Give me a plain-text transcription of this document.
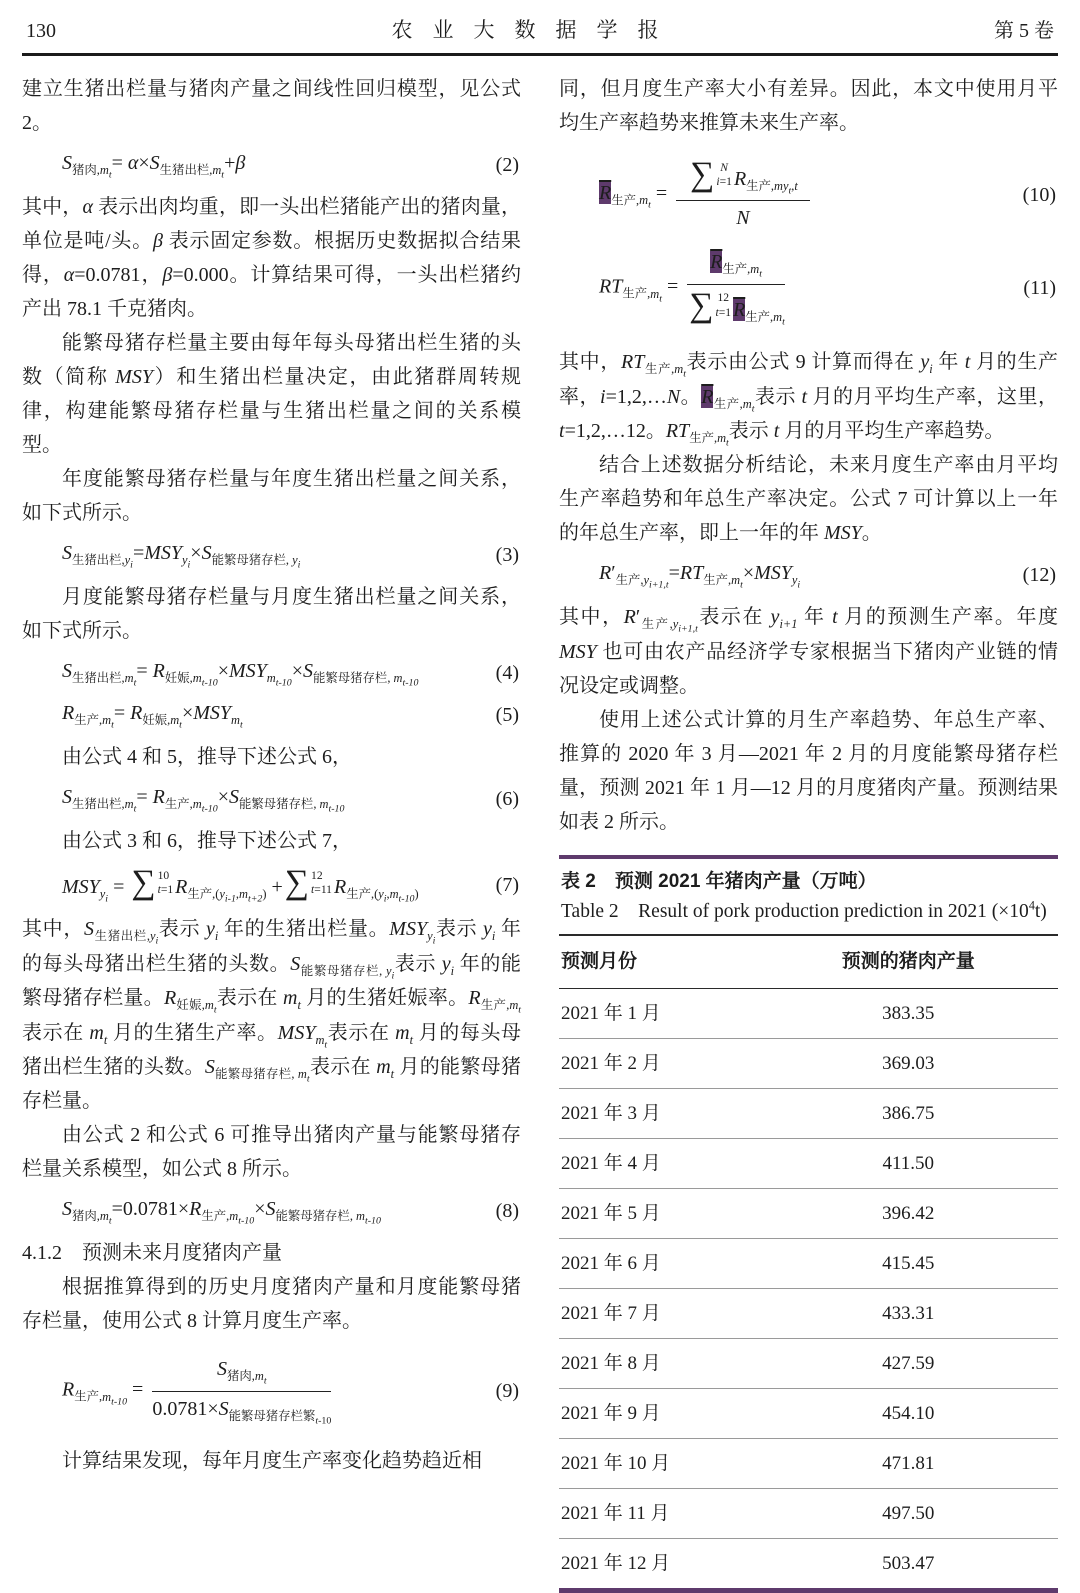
130	农业大数据学报	第 5 卷

建立生猪出栏量与猪肉产量之间线性回归模型，见公式 2。

$S_{猪肉,m_t}= \alpha\times S_{生猪出栏,m_t}+\beta$	(2)

其中，α 表示出肉均重，即一头出栏猪能产出的猪肉量，单位是吨/头。β 表示固定参数。根据历史数据拟合结果得，α=0.0781，β=0.000。计算结果可得，一头出栏猪约产出 78.1 千克猪肉。

能繁母猪存栏量主要由每年每头母猪出栏生猪的头数（简称 MSY）和生猪出栏量决定，由此猪群周转规律，构建能繁母猪存栏量与生猪出栏量之间的关系模型。

年度能繁母猪存栏量与年度生猪出栏量之间关系，如下式所示。

$S_{生猪出栏,y_i}=MSY_{y_i}\times S_{能繁母猪存栏, y_i}$	(3)

月度能繁母猪存栏量与月度生猪出栏量之间关系，如下式所示。

$S_{生猪出栏,m_t}= R_{妊娠,m_{t-10}}\times MSY_{m_{t-10}}\times S_{能繁母猪存栏, m_{t-10}}$	(4)
$R_{生产,m_t}= R_{妊娠,m_t}\times MSY_{m_t}$	(5)

由公式 4 和 5，推导下述公式 6，

$S_{生猪出栏,m_t}= R_{生产,m_{t-10}}\times S_{能繁母猪存栏, m_{t-10}}$	(6)

由公式 3 和 6，推导下述公式 7，

$MSY_{y_i}$ = ∑ 10
t=1 $R_{生产,(y_{i-1},m_{t+2})}$ + ∑ 12
t=11 $R_{生产,(y_i,m_{t-10})}$	(7)

其中，$S_{生猪出栏,y_i}$表示 $y_i$ 年的生猪出栏量。$MSY_{y_i}$表示 $y_i$ 年的每头母猪出栏生猪的头数。$S_{能繁母猪存栏, y_i}$表示 $y_i$ 年的能繁母猪存栏量。$R_{妊娠,m_t}$表示在 $m_t$ 月的生猪妊娠率。$R_{生产,m_t}$表示在 $m_t$ 月的生猪生产率。$MSY_{m_t}$表示在 $m_t$ 月的每头母猪出栏生猪的头数。$S_{能繁母猪存栏, m_t}$表示在 $m_t$ 月的能繁母猪存栏量。

由公式 2 和公式 6 可推导出猪肉产量与能繁母猪存栏量关系模型，如公式 8 所示。

$S_{猪肉,m_t}=0.0781\times R_{生产,m_{t-10}}\times S_{能繁母猪存栏, m_{t-10}}$	(8)
4.1.2　预测未来月度猪肉产量

根据推算得到的历史月度猪肉产量和月度能繁母猪存栏量，使用公式 8 计算月度生产率。

$R_{生产,m_{t-10}} = \frac{S_{猪肉,m_t}}{0.0781\times S_{能繁母猪存栏繁_{t-10}}}$	(9)

计算结果发现，每年月度生产率变化趋势趋近相

同，但月度生产率大小有差异。因此，本文中使用月平均生产率趋势来推算未来生产率。

$\overline{R}_{生产,m_t}$ = ∑ N
i=1 $R_{生产,my_t,t}$
N	(10)
$RT_{生产,m_t} = \overline{R}_{生产,m_t}$
∑ 12
t=1 $\overline{R}_{生产,m_t}$	(11)

其中，$RT_{生产,m_t}$表示由公式 9 计算而得在 $y_i$ 年 t 月的生产率，i=1,2,…N。$\overline{R}_{生产,m_t}$表示 t 月的月平均生产率，这里，t=1,2,…12。$RT_{生产,m_t}$表示 t 月的月平均生产率趋势。

结合上述数据分析结论，未来月度生产率由月平均生产率趋势和年总生产率决定。公式 7 可计算以上一年的年总生产率，即上一年的年 MSY。

$R'_{生产,y_{i+1,t}}=RT_{生产,m_t}\times MSY_{y_i}$	(12)

其中，$R'_{生产,y_{i+1,t}}$表示在 $y_{i+1}$ 年 t 月的预测生产率。年度 MSY 也可由农产品经济学专家根据当下猪肉产业链的情况设定或调整。

使用上述公式计算的月生产率趋势、年总生产率、推算的 2020 年 3 月—2021 年 2 月的月度能繁母猪存栏量，预测 2021 年 1 月—12 月的月度猪肉产量。预测结果如表 2 所示。

表 2　预测 2021 年猪肉产量（万吨）
Table 2　Result of pork production prediction in 2021 $(\times 10^4t)$
预测月份	预测的猪肉产量
2021 年 1 月	383.35
2021 年 2 月	369.03
2021 年 3 月	386.75
2021 年 4 月	411.50
2021 年 5 月	396.42
2021 年 6 月	415.45
2021 年 7 月	433.31
2021 年 8 月	427.59
2021 年 9 月	454.10
2021 年 10 月	471.81
2021 年 11 月	497.50
2021 年 12 月	503.47
